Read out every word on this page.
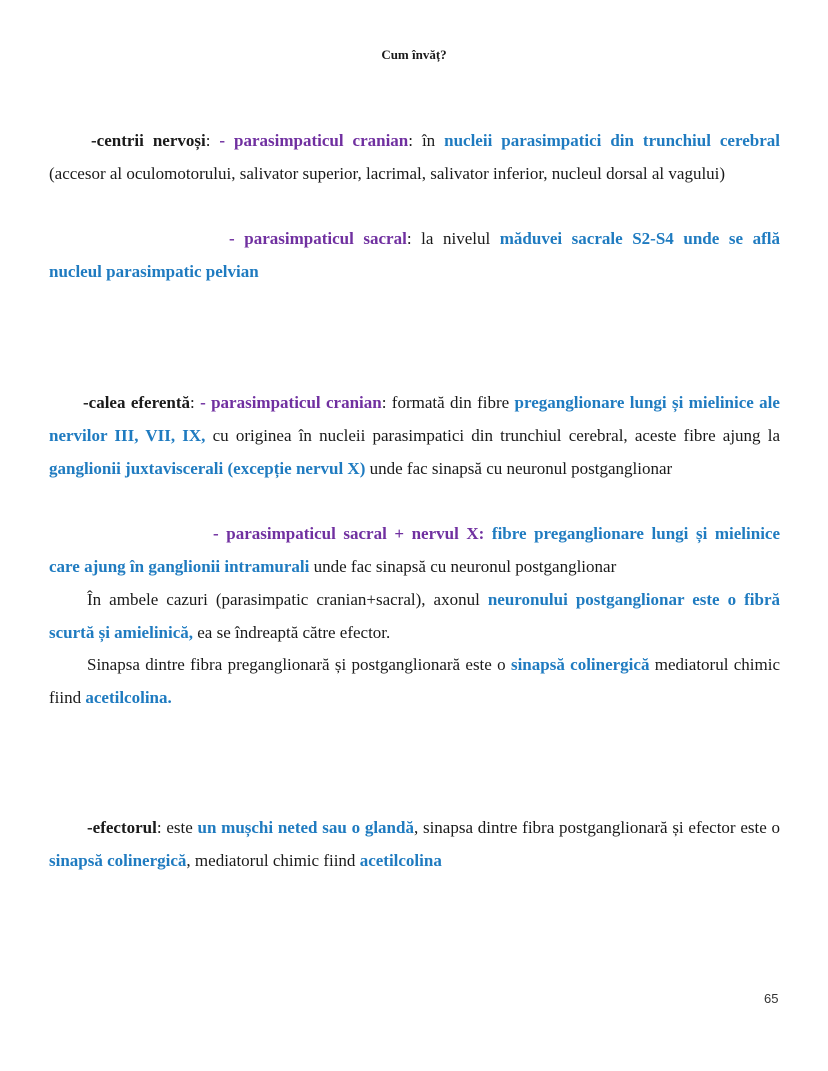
Cum învăț?
-centrii nervoși: - parasimpaticul cranian: în nucleii parasimpatici din trunchiul cerebral (accesor al oculomotorului, salivator superior, lacrimal, salivator inferior, nucleul dorsal al vagului)
- parasimpaticul sacral: la nivelul măduvei sacrale S2-S4 unde se află nucleul parasimpatic pelvian
-calea eferentă: - parasimpaticul cranian: formată din fibre preganglionare lungi și mielinice ale nervilor III, VII, IX, cu originea în nucleii parasimpatici din trunchiul cerebral, aceste fibre ajung la ganglionii juxtaviscerali (excepție nervul X) unde fac sinapsă cu neuronul postganglionar
- parasimpaticul sacral + nervul X: fibre preganglionare lungi și mielinice care ajung în ganglionii intramurali unde fac sinapsă cu neuronul postganglionar
În ambele cazuri (parasimpatic cranian+sacral), axonul neuronului postganglionar este o fibră scurtă și amielinică, ea se îndreaptă către efector.
Sinapsa dintre fibra preganglionară și postganglionară este o sinapsă colinergică mediatorul chimic fiind acetilcolina.
-efectorul: este un mușchi neted sau o glandă, sinapsa dintre fibra postganglionară și efector este o sinapsă colinergică, mediatorul chimic fiind acetilcolina
65
